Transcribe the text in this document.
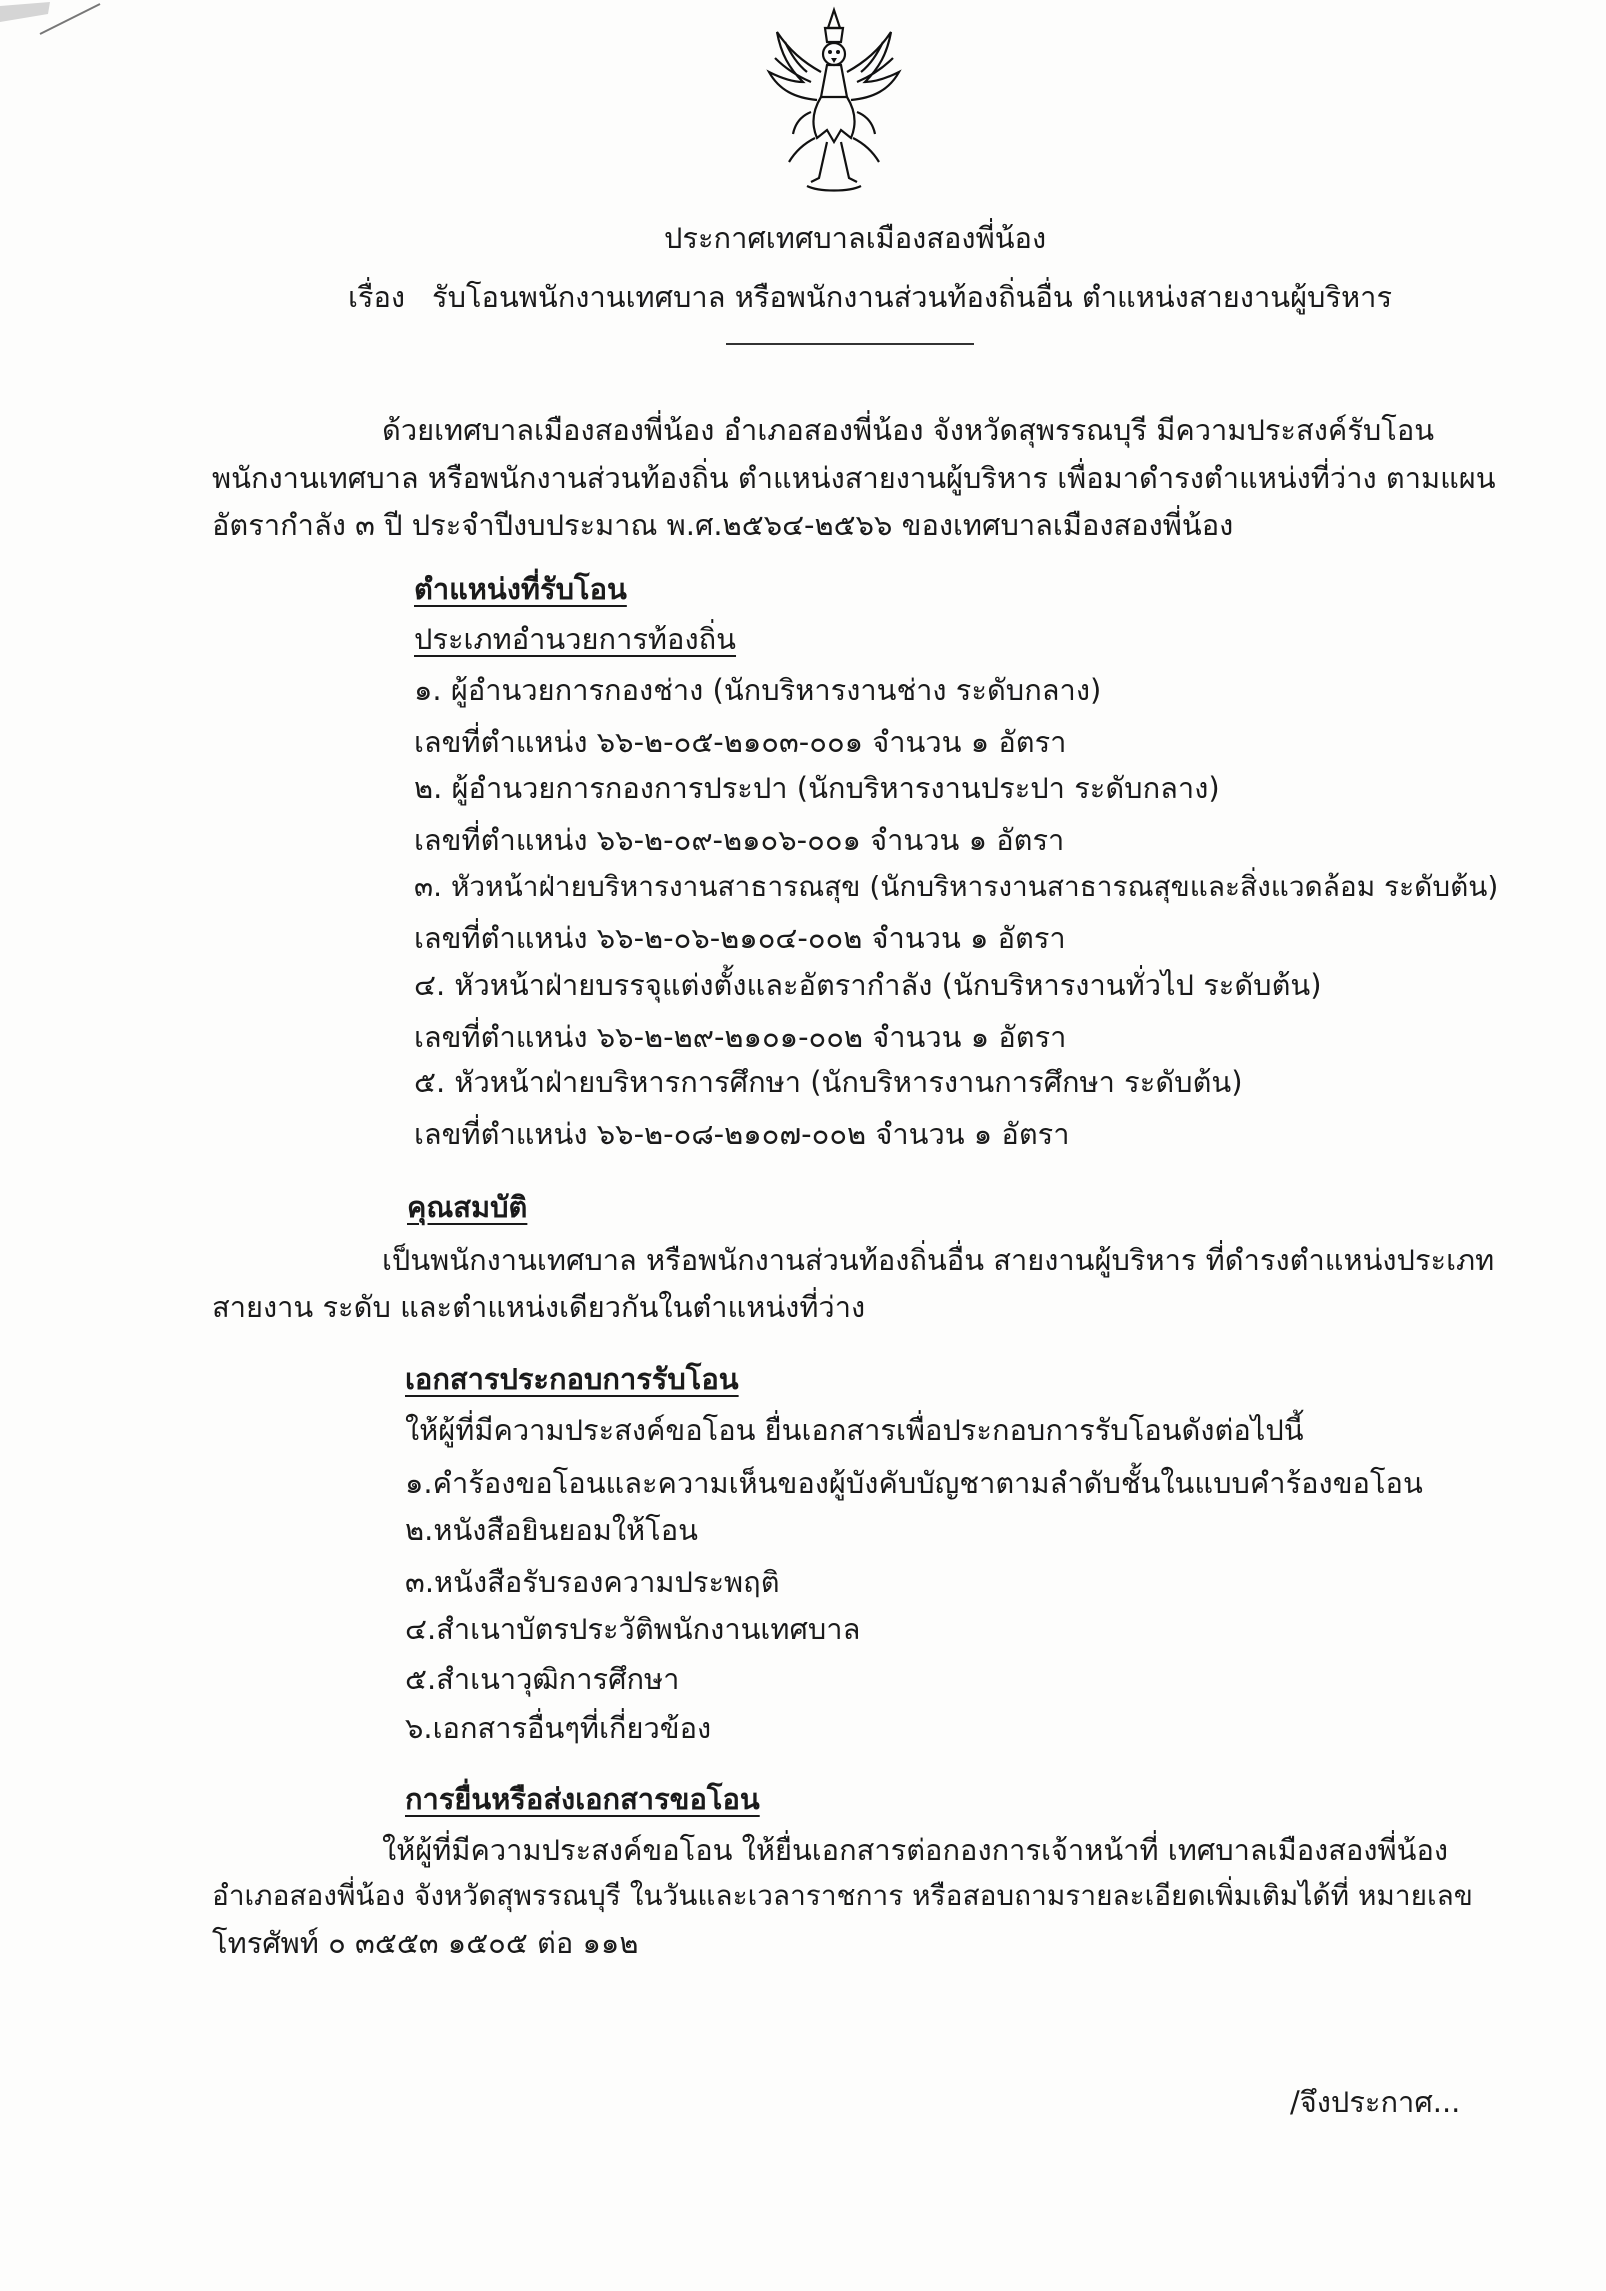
ประกาศเทศบาลเมืองสองพี่น้อง
เรื่อง รับโอนพนักงานเทศบาล หรือพนักงานส่วนท้องถิ่นอื่น ตำแหน่งสายงานผู้บริหาร
ด้วยเทศบาลเมืองสองพี่น้อง อำเภอสองพี่น้อง จังหวัดสุพรรณบุรี มีความประสงค์รับโอน
พนักงานเทศบาล หรือพนักงานส่วนท้องถิ่น ตำแหน่งสายงานผู้บริหาร เพื่อมาดำรงตำแหน่งที่ว่าง ตามแผน
อัตรากำลัง ๓ ปี ประจำปีงบประมาณ พ.ศ.๒๕๖๔-๒๕๖๖ ของเทศบาลเมืองสองพี่น้อง
ตำแหน่งที่รับโอน
ประเภทอำนวยการท้องถิ่น
๑. ผู้อำนวยการกองช่าง (นักบริหารงานช่าง ระดับกลาง)
เลขที่ตำแหน่ง ๖๖-๒-๐๕-๒๑๐๓-๐๐๑ จำนวน ๑ อัตรา
๒. ผู้อำนวยการกองการประปา (นักบริหารงานประปา ระดับกลาง)
เลขที่ตำแหน่ง ๖๖-๒-๐๙-๒๑๐๖-๐๐๑ จำนวน ๑ อัตรา
๓. หัวหน้าฝ่ายบริหารงานสาธารณสุข (นักบริหารงานสาธารณสุขและสิ่งแวดล้อม ระดับต้น)
เลขที่ตำแหน่ง ๖๖-๒-๐๖-๒๑๐๔-๐๐๒ จำนวน ๑ อัตรา
๔. หัวหน้าฝ่ายบรรจุแต่งตั้งและอัตรากำลัง (นักบริหารงานทั่วไป ระดับต้น)
เลขที่ตำแหน่ง ๖๖-๒-๒๙-๒๑๐๑-๐๐๒ จำนวน ๑ อัตรา
๕. หัวหน้าฝ่ายบริหารการศึกษา (นักบริหารงานการศึกษา ระดับต้น)
เลขที่ตำแหน่ง ๖๖-๒-๐๘-๒๑๐๗-๐๐๒ จำนวน ๑ อัตรา
คุณสมบัติ
เป็นพนักงานเทศบาล หรือพนักงานส่วนท้องถิ่นอื่น สายงานผู้บริหาร ที่ดำรงตำแหน่งประเภท
สายงาน ระดับ และตำแหน่งเดียวกันในตำแหน่งที่ว่าง
เอกสารประกอบการรับโอน
ให้ผู้ที่มีความประสงค์ขอโอน ยื่นเอกสารเพื่อประกอบการรับโอนดังต่อไปนี้
๑.คำร้องขอโอนและความเห็นของผู้บังคับบัญชาตามลำดับชั้นในแบบคำร้องขอโอน
๒.หนังสือยินยอมให้โอน
๓.หนังสือรับรองความประพฤติ
๔.สำเนาบัตรประวัติพนักงานเทศบาล
๕.สำเนาวุฒิการศึกษา
๖.เอกสารอื่นๆที่เกี่ยวข้อง
การยื่นหรือส่งเอกสารขอโอน
ให้ผู้ที่มีความประสงค์ขอโอน ให้ยื่นเอกสารต่อกองการเจ้าหน้าที่ เทศบาลเมืองสองพี่น้อง
อำเภอสองพี่น้อง จังหวัดสุพรรณบุรี ในวันและเวลาราชการ หรือสอบถามรายละเอียดเพิ่มเติมได้ที่ หมายเลข
โทรศัพท์ ๐ ๓๕๕๓ ๑๕๐๕ ต่อ ๑๑๒
/จึงประกาศ...
